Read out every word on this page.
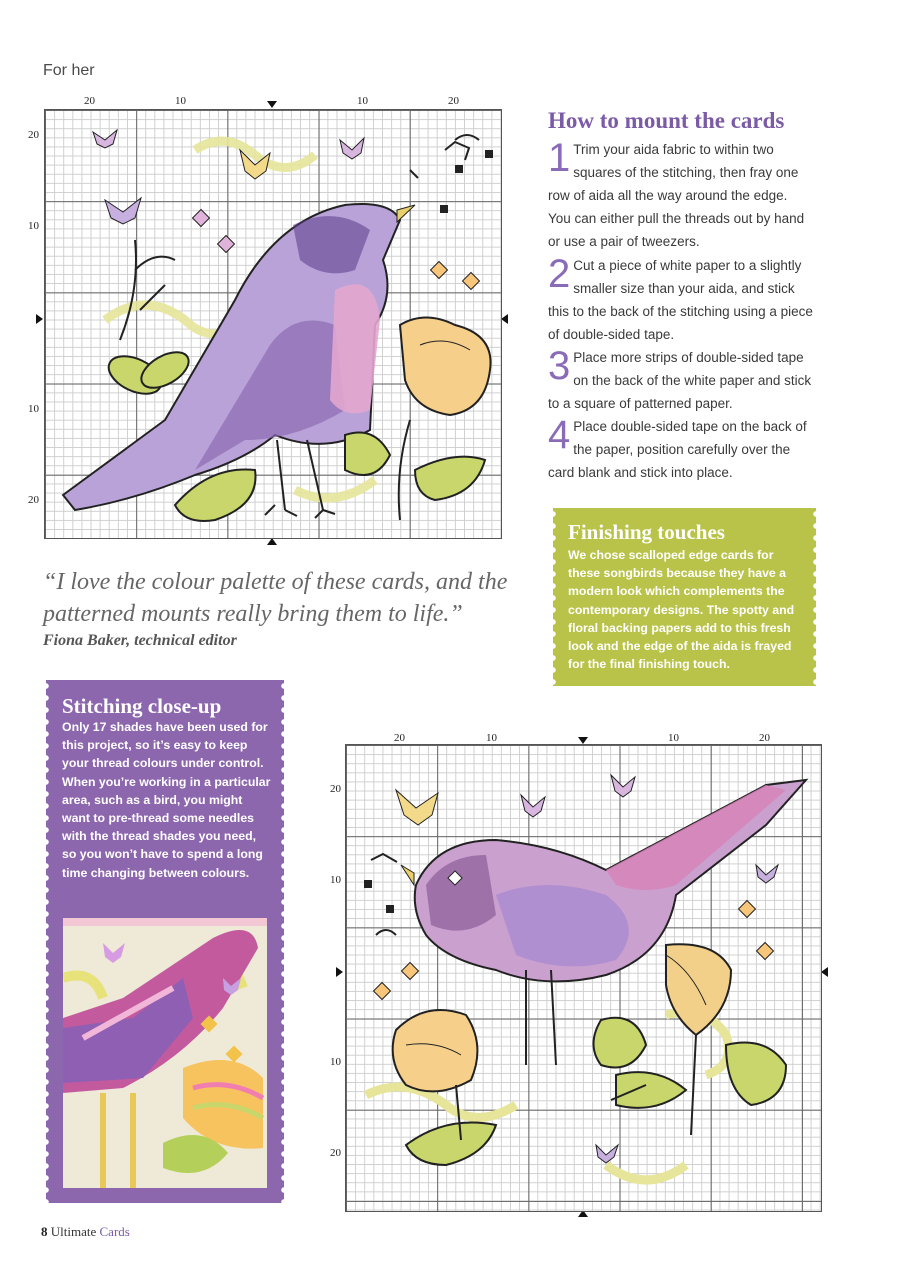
For her
20	10	10	20
20
10
10
20
How to mount the cards
1 Trim your aida fabric to within two squares of the stitching, then fray one row of aida all the way around the edge. You can either pull the threads out by hand or use a pair of tweezers.
2 Cut a piece of white paper to a slightly smaller size than your aida, and stick this to the back of the stitching using a piece of double-sided tape.
3 Place more strips of double-sided tape on the back of the white paper and stick to a square of patterned paper.
4 Place double-sided tape on the back of the paper, position carefully over the card blank and stick into place.
Finishing touches
We chose scalloped edge cards for these songbirds because they have a modern look which complements the contemporary designs. The spotty and floral backing papers add to this fresh look and the edge of the aida is frayed for the final finishing touch.
“I love the colour palette of these cards, and the patterned mounts really bring them to life.”
Fiona Baker, technical editor
Stitching close-up
Only 17 shades have been used for this project, so it’s easy to keep your thread colours under control. When you’re working in a particular area, such as a bird, you might want to pre-thread some needles with the thread shades you need, so you won’t have to spend a long time changing between colours.
20	10	10	20
20
10
10
20
8 Ultimate Cards
